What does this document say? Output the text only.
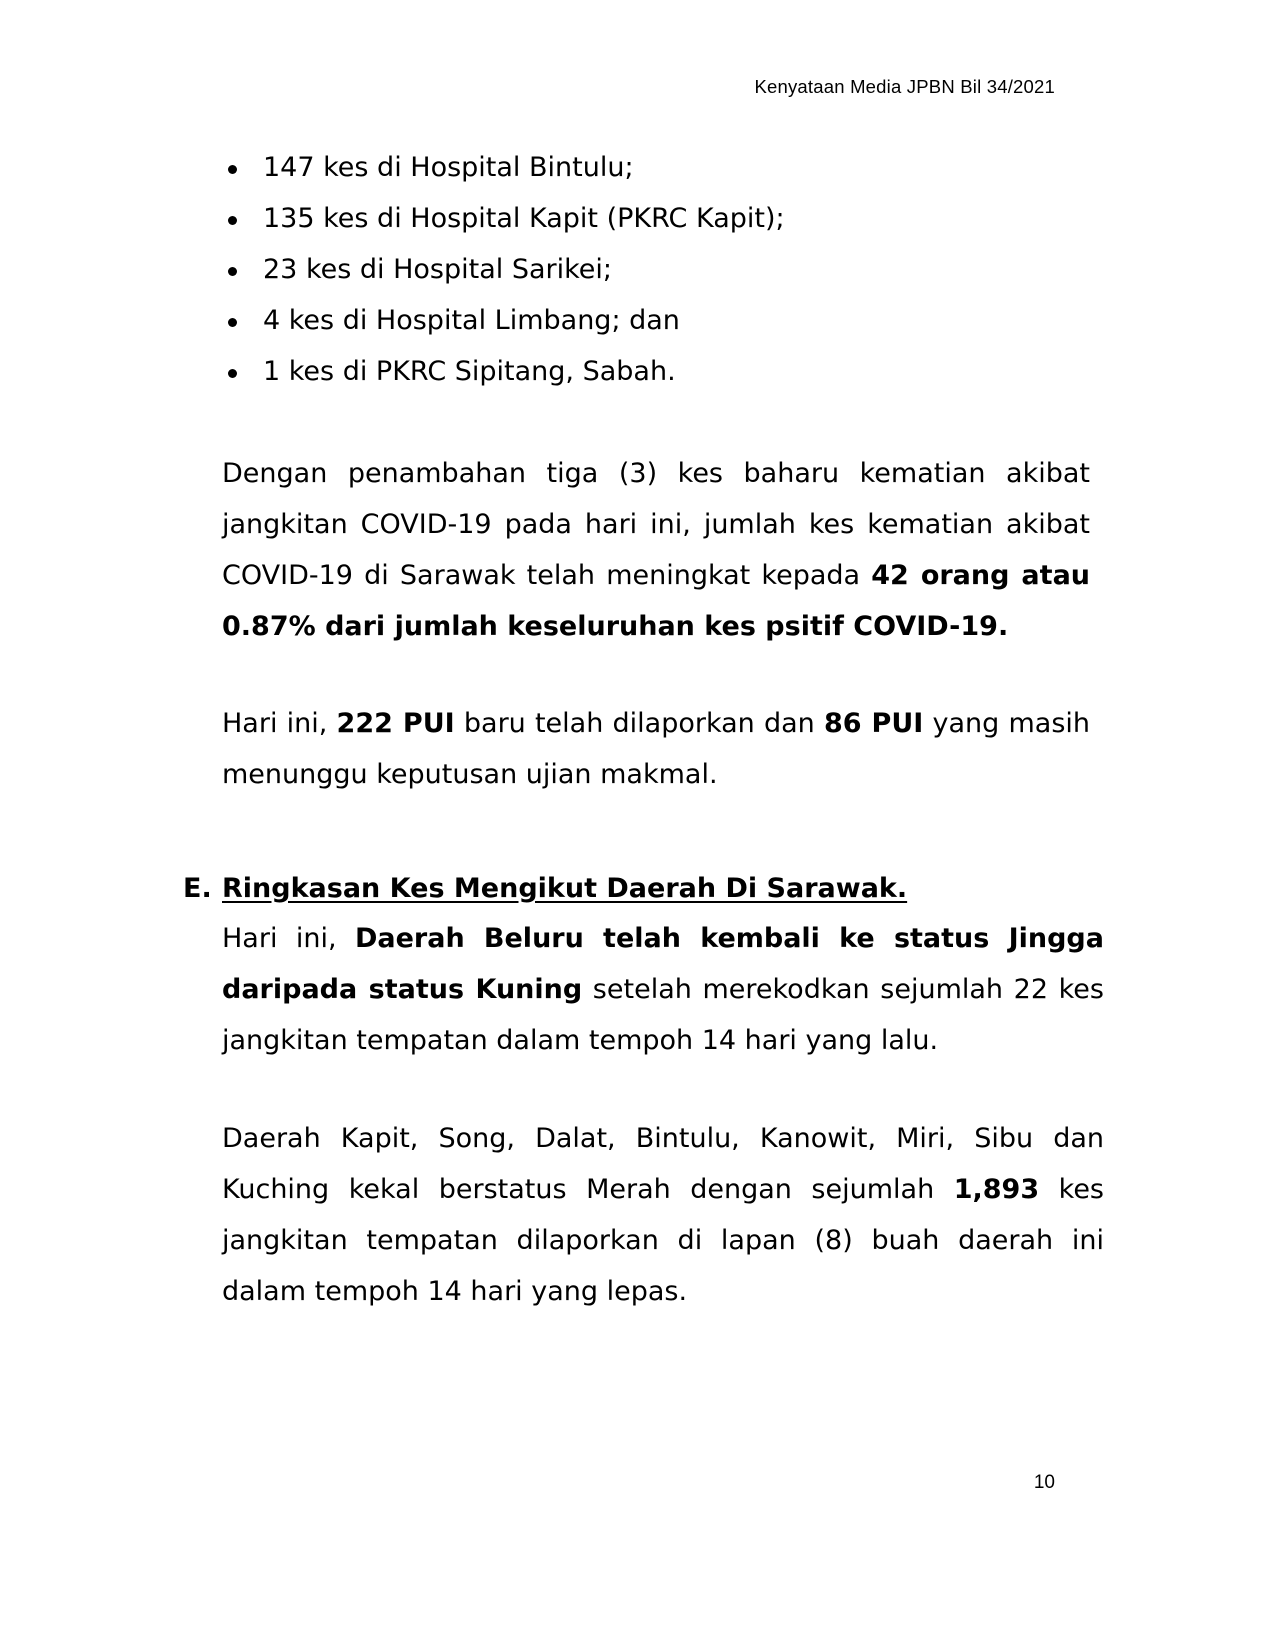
Kenyataan Media JPBN Bil 34/2021
147 kes di Hospital Bintulu;
135 kes di Hospital Kapit (PKRC Kapit);
23 kes di Hospital Sarikei;
4 kes di Hospital Limbang; dan
1 kes di PKRC Sipitang, Sabah.

Dengan penambahan tiga (3) kes baharu kematian akibat jangkitan COVID-19 pada hari ini, jumlah kes kematian akibat COVID-19 di Sarawak telah meningkat kepada 42 orang atau 0.87% dari jumlah keseluruhan kes psitif COVID-19.

Hari ini, 222 PUI baru telah dilaporkan dan 86 PUI yang masih menunggu keputusan ujian makmal.

E. Ringkasan Kes Mengikut Daerah Di Sarawak.

Hari ini, Daerah Beluru telah kembali ke status Jingga daripada status Kuning setelah merekodkan sejumlah 22 kes jangkitan tempatan dalam tempoh 14 hari yang lalu.

Daerah Kapit, Song, Dalat, Bintulu, Kanowit, Miri, Sibu dan Kuching kekal berstatus Merah dengan sejumlah 1,893 kes jangkitan tempatan dilaporkan di lapan (8) buah daerah ini dalam tempoh 14 hari yang lepas.

10
